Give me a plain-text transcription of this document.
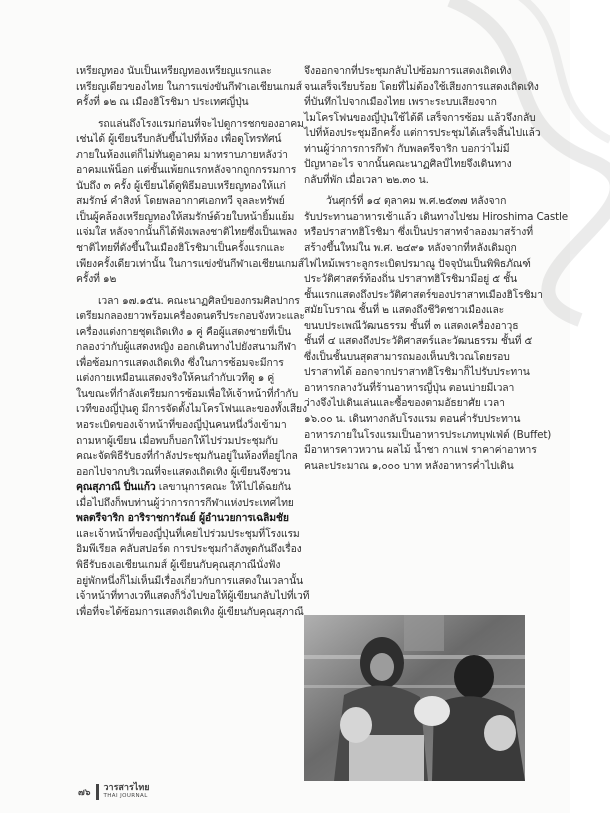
เหรียญทอง นับเป็นเหรียญทองเหรียญแรกและ
เหรียญเดียวของไทย ในการแข่งขันกีฬาเอเชียนเกมส์
ครั้งที่ ๑๒ ณ เมืองฮิโรชิมา ประเทศญี่ปุ่น
รถแล่นถึงโรงแรมก่อนที่จะไปดูการชกของอาคม
เช่นได้ ผู้เขียนรีบกลับขึ้นไปที่ห้อง เพื่อดูโทรทัศน์
ภายในห้องแต่ก็ไม่ทันดูอาคม มาทราบภายหลังว่า
อาคมแพ้น็อก แต่ชั้นแพ้ยกแรกหลังจากถูกกรรมการ
นับถึง ๓ ครั้ง ผู้เขียนได้ดูพิธีมอบเหรียญทองให้แก่
สมรักษ์ คำสิงห์ โดยพลอากาศเอกทวี จุลละทรัพย์
เป็นผู้คล้องเหรียญทองให้สมรักษ์ด้วยใบหน้ายิ้มแย้ม
แจ่มใส หลังจากนั้นก็ได้ฟังเพลงชาติไทยซึ่งเป็นเพลง
ชาติไทยที่ดังขึ้นในเมืองฮิโรชิมาเป็นครั้งแรกและ
เพียงครั้งเดียวเท่านั้น ในการแข่งขันกีฬาเอเชียนเกมส์
ครั้งที่ ๑๒
เวลา ๑๗.๑๕น. คณะนาฏศิลป์ของกรมศิลปากร
เตรียมกลองยาวพร้อมเครื่องดนตรีประกอบจังหวะและ
เครื่องแต่งกายชุดเถิดเทิง ๑ คู่ คือผู้แสดงชายที่เป็น
กลองว่ากับผู้แสดงหญิง ออกเดินทางไปยังสนามกีฬา
เพื่อซ้อมการแสดงเถิดเทิง ซึ่งในการซ้อมจะมีการ
แต่งกายเหมือนแสดงจริงให้คนกำกับเวทีดู ๑ คู่
ในขณะที่กำลังเตรียมการซ้อมเพื่อให้เจ้าหน้าที่กำกับ
เวทีของญี่ปุ่นดู มีการจัดตั้งไมโครโฟนและของทั้งเสียง
หอระเบิดของเจ้าหน้าที่ของญี่ปุ่นคนหนึ่งวิ่งเข้ามา
ถามหาผู้เขียน เมื่อพบก็บอกให้ไปร่วมประชุมกับ
คณะจัดพิธีรับธงที่กำลังประชุมกันอยู่ในห้องที่อยู่ไกล
ออกไปจากบริเวณที่จะแสดงเถิดเทิง ผู้เขียนจึงชวน
คุณสุภาณี ปิ่นแก้ว เลขานุการคณะ ให้ไปได้ฉยกัน
เมื่อไปถึงก็พบท่านผู้ว่าการการกีฬาแห่งประเทศไทย
พลตรีจาริก อาริราชการัณย์ ผู้อำนวยการเฉลิมชัย
และเจ้าหน้าที่ของญี่ปุ่นที่เคยไปร่วมประชุมที่โรงแรม
อิมพีเรียล คลับสปอร์ต การประชุมกำลังพูดกันถึงเรื่อง
พิธีรับธงเอเชียนเกมส์ ผู้เขียนกับคุณสุภาณีนั่งฟัง
อยู่พักหนึ่งก็ไม่เห็นมีเรื่องเกี่ยวกับการแสดงในเวลานั้น
เจ้าหน้าที่ทางเวทีแสดงก็วิ่งไปขอให้ผู้เขียนกลับไปที่เวที
เพื่อที่จะได้ซ้อมการแสดงเถิดเทิง ผู้เขียนกับคุณสุภาณี
จึงออกจากที่ประชุมกลับไปซ้อมการแสดงเถิดเทิง
จนเสร็จเรียบร้อย โดยที่ไม่ต้องใช้เสียงการแสดงเถิดเทิง
ที่บันทึกไปจากเมืองไทย เพราะระบบเสียงจาก
ไมโครโฟนของญี่ปุ่นใช้ได้ดี เสร็จการซ้อม แล้วจึงกลับ
ไปที่ห้องประชุมอีกครั้ง แต่การประชุมได้เสร็จสิ้นไปแล้ว
ท่านผู้ว่าการการกีฬา กับพลตรีจาริก บอกว่าไม่มี
ปัญหาอะไร จากนั้นคณะนาฏศิลป์ไทยจึงเดินทาง
กลับที่พัก เมื่อเวลา ๒๒.๓๐ น.
วันศุกร์ที่ ๑๔ ตุลาคม พ.ศ.๒๕๓๗ หลังจาก
รับประทานอาหารเช้าแล้ว เดินทางไปชม Hiroshima Castle
หรือปราสาทฮิโรชิมา ซึ่งเป็นปราสาทจำลองมาสร้างที่
สร้างขึ้นใหม่ใน พ.ศ. ๒๔๙๑ หลังจากที่หลังเดิมถูก
ไฟไหม้เพราะลูกระเบิดปรมาณู ปัจจุบันเป็นพิพิธภัณฑ์
ประวัติศาสตร์ท้องถิ่น ปราสาทฮิโรชิมามีอยู่ ๕ ชั้น
ชั้นแรกแสดงถึงประวัติศาสตร์ของปราสาทเมืองฮิโรชิมา
สมัยโบราณ ชั้นที่ ๒ แสดงถึงชีวิตชาวเมืองและ
ขนบประเพณีวัฒนธรรม ชั้นที่ ๓ แสดงเครื่องอาวุธ
ชั้นที่ ๔ แสดงถึงประวัติศาสตร์และวัฒนธรรม ชั้นที่ ๕
ซึ่งเป็นชั้นบนสุดสามารถมองเห็นบริเวณโดยรอบ
ปราสาทได้ ออกจากปราสาทฮิโรชิมาก็ไปรับประทาน
อาหารกลางวันที่ร้านอาหารญี่ปุ่น ตอนบ่ายมีเวลา
ว่างจึงไปเดินเล่นและซื้อของตามอัธยาศัย เวลา
๑๖.๐๐ น. เดินทางกลับโรงแรม ตอนค่ำรับประทาน
อาหารภายในโรงแรมเป็นอาหารประเภทบุฟเฟ่ต์ (Buffet)
มีอาหารคาวหวาน ผลไม้ น้ำชา กาแฟ ราคาค่าอาหาร
คนละประมาณ ๑,๐๐๐ บาท หลังอาหารค่ำไปเดิน
๗๖ วารสารไทย
THAI JOURNAL
